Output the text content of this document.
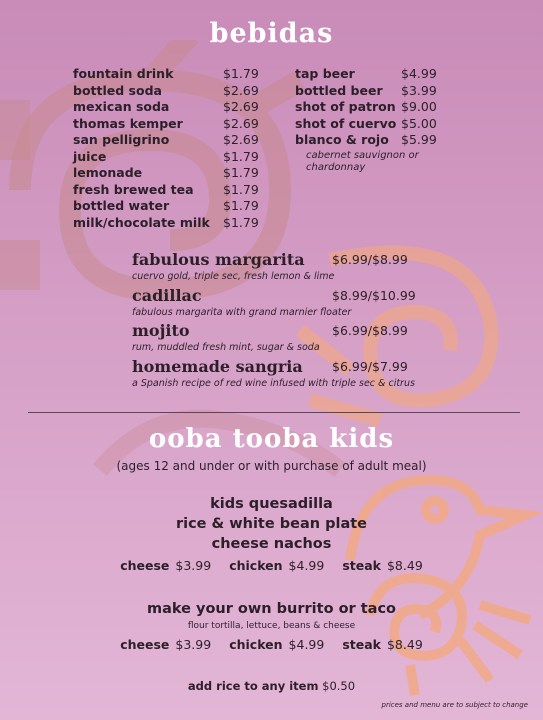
bebidas
fountain drink	$1.79
bottled soda	$2.69
mexican soda	$2.69
thomas kemper	$2.69
san pelligrino	$2.69
juice	$1.79
lemonade	$1.79
fresh brewed tea $1.79
bottled water	$1.79
milk/chocolate milk $1.79
tap beer	$4.99
bottled beer $3.99
shot of patron $9.00
shot of cuervo $5.00
blanco & rojo $5.99
cabernet sauvignon or
chardonnay
fabulous margarita $6.99/$8.99
cuervo gold, triple sec, fresh lemon & lime
cadillac	$8.99/$10.99
fabulous margarita with grand marnier floater
mojito	$6.99/$8.99
rum, muddled fresh mint, sugar & soda
homemade sangria $6.99/$7.99
a Spanish recipe of red wine infused with triple sec & citrus
ooba tooba kids
(ages 12 and under or with purchase of adult meal)
kids quesadilla
rice & white bean plate
cheese nachos
cheese $3.99 chicken $4.99 steak $8.49
make your own burrito or taco
flour tortilla, lettuce, beans & cheese
cheese $3.99 chicken $4.99 steak $8.49
add rice to any item $0.50
prices and menu are to subject to change
